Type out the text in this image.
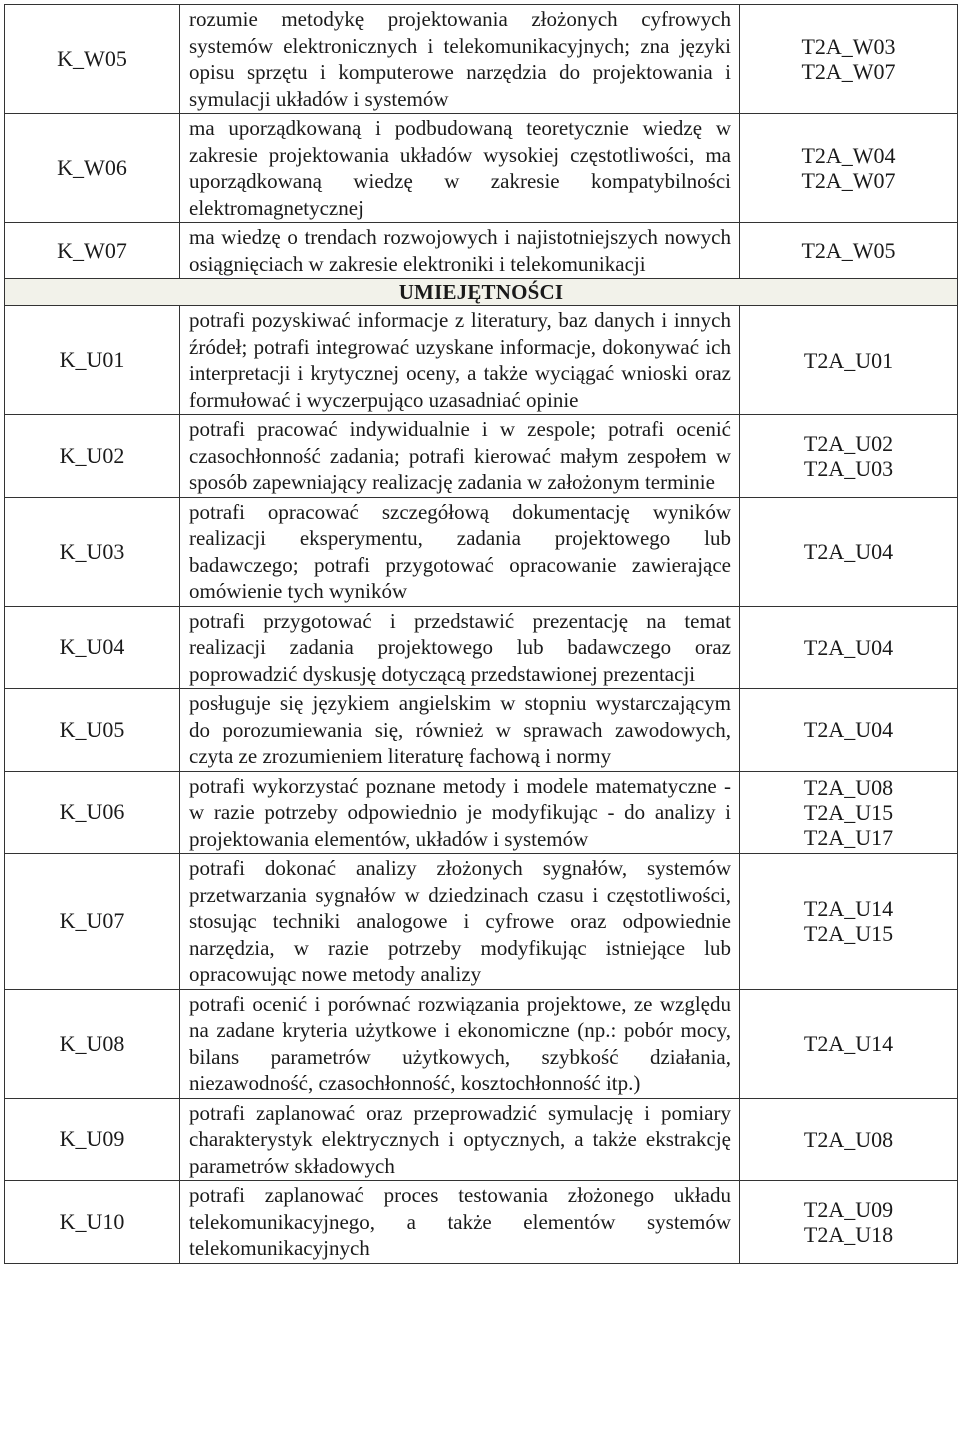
K_W05	rozumie metodykę projektowania złożonych cyfrowych systemów elektronicznych i telekomunikacyjnych; zna języki opisu sprzętu i komputerowe narzędzia do projektowania i symulacji układów i systemów	T2A_W03
T2A_W07

K_W06	ma uporządkowaną i podbudowaną teoretycznie wiedzę w zakresie projektowania układów wysokiej częstotliwości, ma uporządkowaną wiedzę w zakresie kompatybilności elektromagnetycznej	T2A_W04
T2A_W07

K_W07	ma wiedzę o trendach rozwojowych i najistotniejszych nowych osiągnięciach w zakresie elektroniki i telekomunikacji	T2A_W05

UMIEJĘTNOŚCI		
K_U01	potrafi pozyskiwać informacje z literatury, baz danych i innych źródeł; potrafi integrować uzyskane informacje, dokonywać ich interpretacji i krytycznej oceny, a także wyciągać wnioski oraz formułować i wyczerpująco uzasadniać opinie	T2A_U01

K_U02	potrafi pracować indywidualnie i w zespole; potrafi ocenić czasochłonność zadania; potrafi kierować małym zespołem w sposób zapewniający realizację zadania w założonym terminie	T2A_U02
T2A_U03

K_U03	potrafi opracować szczegółową dokumentację wyników realizacji eksperymentu, zadania projektowego lub badawczego; potrafi przygotować opracowanie zawierające omówienie tych wyników	T2A_U04

K_U04	potrafi przygotować i przedstawić prezentację na temat realizacji zadania projektowego lub badawczego oraz poprowadzić dyskusję dotyczącą przedstawionej prezentacji	T2A_U04

K_U05	posługuje się językiem angielskim w stopniu wystarczającym do porozumiewania się, również w sprawach zawodowych, czyta ze zrozumieniem literaturę fachową i normy	T2A_U04

K_U06	potrafi wykorzystać poznane metody i modele matematyczne - w razie potrzeby odpowiednio je modyfikując - do analizy i projektowania elementów, układów i systemów	T2A_U08
T2A_U15
T2A_U17

K_U07	potrafi dokonać analizy złożonych sygnałów, systemów przetwarzania sygnałów w dziedzinach czasu i częstotliwości, stosując techniki analogowe i cyfrowe oraz odpowiednie narzędzia, w razie potrzeby modyfikując istniejące lub opracowując nowe metody analizy	T2A_U14
T2A_U15

K_U08	potrafi ocenić i porównać rozwiązania projektowe, ze względu na zadane kryteria użytkowe i ekonomiczne (np.: pobór mocy, bilans parametrów użytkowych, szybkość działania, niezawodność, czasochłonność, kosztochłonność itp.)	T2A_U14

K_U09	potrafi zaplanować oraz przeprowadzić symulację i pomiary charakterystyk elektrycznych i optycznych, a także ekstrakcję parametrów składowych	T2A_U08

K_U10	potrafi zaplanować proces testowania złożonego układu telekomunikacyjnego, a także elementów systemów telekomunikacyjnych	T2A_U09
T2A_U18
